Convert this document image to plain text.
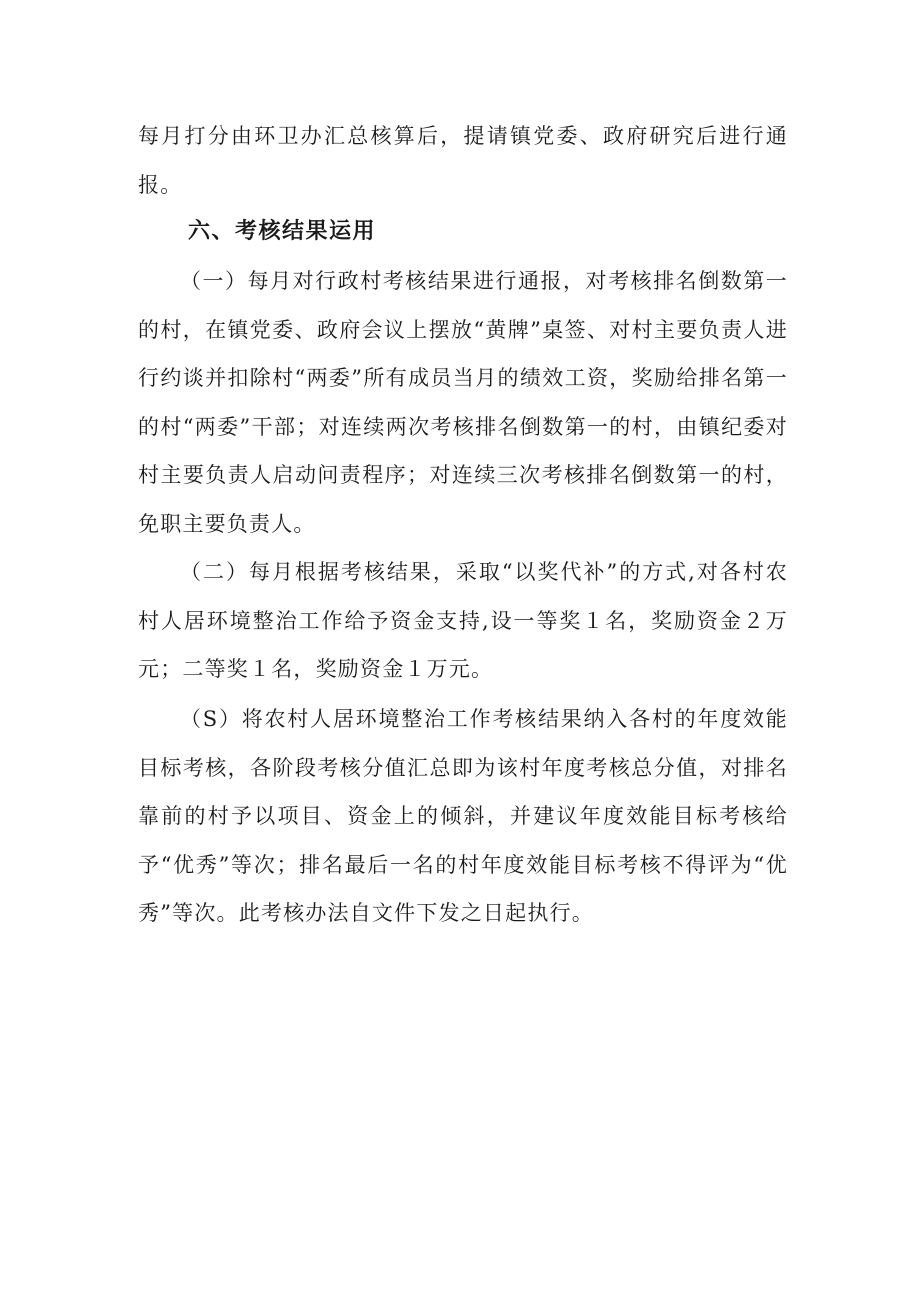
每月打分由环卫办汇总核算后，提请镇党委、政府研究后进行通报。

六、考核结果运用

（一）每月对行政村考核结果进行通报，对考核排名倒数第一的村，在镇党委、政府会议上摆放“黄牌”桌签、对村主要负责人进行约谈并扣除村“两委”所有成员当月的绩效工资，奖励给排名第一的村“两委”干部；对连续两次考核排名倒数第一的村，由镇纪委对村主要负责人启动问责程序；对连续三次考核排名倒数第一的村，免职主要负责人。

（二）每月根据考核结果，采取“以奖代补”的方式,对各村农村人居环境整治工作给予资金支持,设一等奖１名，奖励资金２万元；二等奖１名，奖励资金１万元。

（S）将农村人居环境整治工作考核结果纳入各村的年度效能目标考核，各阶段考核分值汇总即为该村年度考核总分值，对排名靠前的村予以项目、资金上的倾斜，并建议年度效能目标考核给予“优秀”等次；排名最后一名的村年度效能目标考核不得评为“优秀”等次。此考核办法自文件下发之日起执行。
